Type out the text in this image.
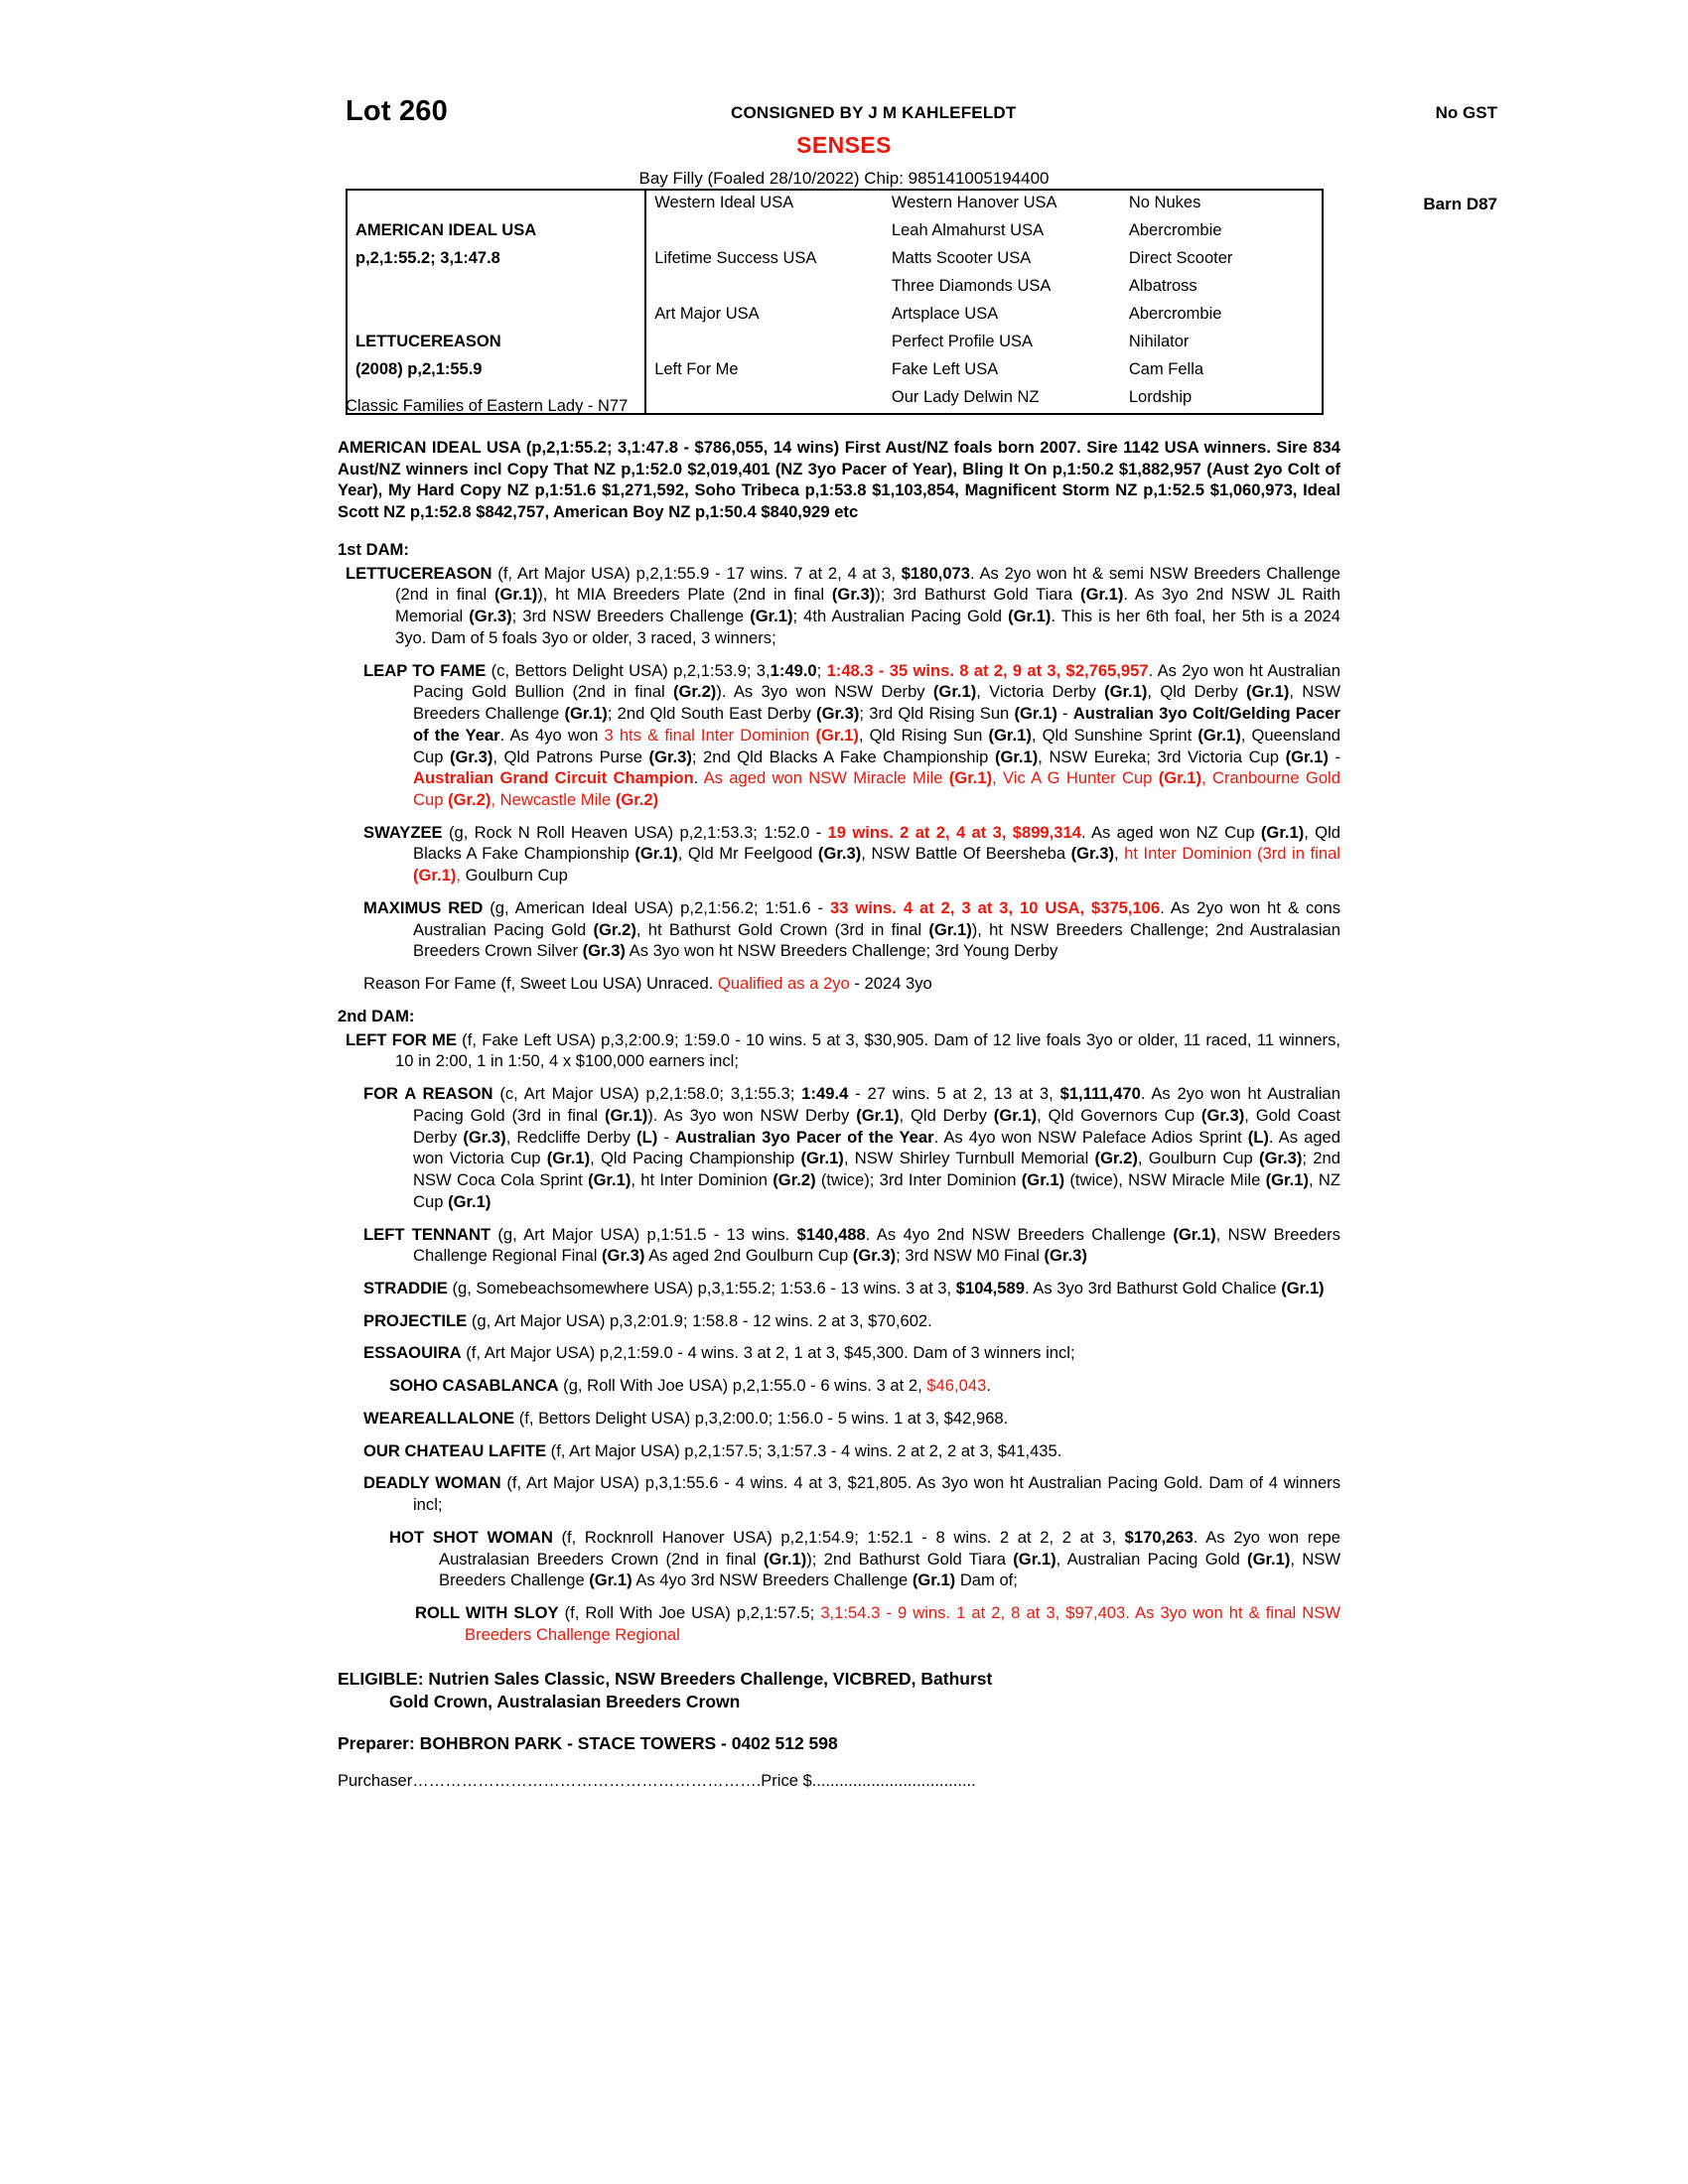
Lot 260	CONSIGNED BY J M KAHLEFELDT	No GST
SENSES
Bay Filly (Foaled 28/10/2022) Chip: 985141005194400
Barn D87
	Western Ideal USA	Western Hanover USA	No Nukes
AMERICAN IDEAL USA		Leah Almahurst USA	Abercrombie
p,2,1:55.2; 3,1:47.8	Lifetime Success USA	Matts Scooter USA	Direct Scooter
		Three Diamonds USA	Albatross
	Art Major USA	Artsplace USA	Abercrombie
LETTUCEREASON		Perfect Profile USA	Nihilator
(2008) p,2,1:55.9	Left For Me	Fake Left USA	Cam Fella
		Our Lady Delwin NZ	Lordship
Classic Families of Eastern Lady - N77
AMERICAN IDEAL USA (p,2,1:55.2; 3,1:47.8 - $786,055, 14 wins) First Aust/NZ foals born 2007. Sire 1142 USA winners. Sire 834 Aust/NZ winners incl Copy That NZ p,1:52.0 $2,019,401 (NZ 3yo Pacer of Year), Bling It On p,1:50.2 $1,882,957 (Aust 2yo Colt of Year), My Hard Copy NZ p,1:51.6 $1,271,592, Soho Tribeca p,1:53.8 $1,103,854, Magnificent Storm NZ p,1:52.5 $1,060,973, Ideal Scott NZ p,1:52.8 $842,757, American Boy NZ p,1:50.4 $840,929 etc
1st DAM:
LETTUCEREASON (f, Art Major USA) p,2,1:55.9 - 17 wins. 7 at 2, 4 at 3, $180,073. As 2yo won ht & semi NSW Breeders Challenge (2nd in final (Gr.1)), ht MIA Breeders Plate (2nd in final (Gr.3)); 3rd Bathurst Gold Tiara (Gr.1). As 3yo 2nd NSW JL Raith Memorial (Gr.3); 3rd NSW Breeders Challenge (Gr.1); 4th Australian Pacing Gold (Gr.1). This is her 6th foal, her 5th is a 2024 3yo. Dam of 5 foals 3yo or older, 3 raced, 3 winners;
LEAP TO FAME (c, Bettors Delight USA) p,2,1:53.9; 3,1:49.0; 1:48.3 - 35 wins. 8 at 2, 9 at 3, $2,765,957. As 2yo won ht Australian Pacing Gold Bullion (2nd in final (Gr.2)). As 3yo won NSW Derby (Gr.1), Victoria Derby (Gr.1), Qld Derby (Gr.1), NSW Breeders Challenge (Gr.1); 2nd Qld South East Derby (Gr.3); 3rd Qld Rising Sun (Gr.1) - Australian 3yo Colt/Gelding Pacer of the Year. As 4yo won 3 hts & final Inter Dominion (Gr.1), Qld Rising Sun (Gr.1), Qld Sunshine Sprint (Gr.1), Queensland Cup (Gr.3), Qld Patrons Purse (Gr.3); 2nd Qld Blacks A Fake Championship (Gr.1), NSW Eureka; 3rd Victoria Cup (Gr.1) - Australian Grand Circuit Champion. As aged won NSW Miracle Mile (Gr.1), Vic A G Hunter Cup (Gr.1), Cranbourne Gold Cup (Gr.2), Newcastle Mile (Gr.2)
SWAYZEE (g, Rock N Roll Heaven USA) p,2,1:53.3; 1:52.0 - 19 wins. 2 at 2, 4 at 3, $899,314. As aged won NZ Cup (Gr.1), Qld Blacks A Fake Championship (Gr.1), Qld Mr Feelgood (Gr.3), NSW Battle Of Beersheba (Gr.3), ht Inter Dominion (3rd in final (Gr.1), Goulburn Cup
MAXIMUS RED (g, American Ideal USA) p,2,1:56.2; 1:51.6 - 33 wins. 4 at 2, 3 at 3, 10 USA, $375,106. As 2yo won ht & cons Australian Pacing Gold (Gr.2), ht Bathurst Gold Crown (3rd in final (Gr.1)), ht NSW Breeders Challenge; 2nd Australasian Breeders Crown Silver (Gr.3) As 3yo won ht NSW Breeders Challenge; 3rd Young Derby
Reason For Fame (f, Sweet Lou USA) Unraced. Qualified as a 2yo - 2024 3yo
2nd DAM:
LEFT FOR ME (f, Fake Left USA) p,3,2:00.9; 1:59.0 - 10 wins. 5 at 3, $30,905. Dam of 12 live foals 3yo or older, 11 raced, 11 winners, 10 in 2:00, 1 in 1:50, 4 x $100,000 earners incl;
FOR A REASON (c, Art Major USA) p,2,1:58.0; 3,1:55.3; 1:49.4 - 27 wins. 5 at 2, 13 at 3, $1,111,470. As 2yo won ht Australian Pacing Gold (3rd in final (Gr.1)). As 3yo won NSW Derby (Gr.1), Qld Derby (Gr.1), Qld Governors Cup (Gr.3), Gold Coast Derby (Gr.3), Redcliffe Derby (L) - Australian 3yo Pacer of the Year. As 4yo won NSW Paleface Adios Sprint (L). As aged won Victoria Cup (Gr.1), Qld Pacing Championship (Gr.1), NSW Shirley Turnbull Memorial (Gr.2), Goulburn Cup (Gr.3); 2nd NSW Coca Cola Sprint (Gr.1), ht Inter Dominion (Gr.2) (twice); 3rd Inter Dominion (Gr.1) (twice), NSW Miracle Mile (Gr.1), NZ Cup (Gr.1)
LEFT TENNANT (g, Art Major USA) p,1:51.5 - 13 wins. $140,488. As 4yo 2nd NSW Breeders Challenge (Gr.1), NSW Breeders Challenge Regional Final (Gr.3) As aged 2nd Goulburn Cup (Gr.3); 3rd NSW M0 Final (Gr.3)
STRADDIE (g, Somebeachsomewhere USA) p,3,1:55.2; 1:53.6 - 13 wins. 3 at 3, $104,589. As 3yo 3rd Bathurst Gold Chalice (Gr.1)
PROJECTILE (g, Art Major USA) p,3,2:01.9; 1:58.8 - 12 wins. 2 at 3, $70,602.
ESSAOUIRA (f, Art Major USA) p,2,1:59.0 - 4 wins. 3 at 2, 1 at 3, $45,300. Dam of 3 winners incl;
SOHO CASABLANCA (g, Roll With Joe USA) p,2,1:55.0 - 6 wins. 3 at 2, $46,043.
WEAREALLALONE (f, Bettors Delight USA) p,3,2:00.0; 1:56.0 - 5 wins. 1 at 3, $42,968.
OUR CHATEAU LAFITE (f, Art Major USA) p,2,1:57.5; 3,1:57.3 - 4 wins. 2 at 2, 2 at 3, $41,435.
DEADLY WOMAN (f, Art Major USA) p,3,1:55.6 - 4 wins. 4 at 3, $21,805. As 3yo won ht Australian Pacing Gold. Dam of 4 winners incl;
HOT SHOT WOMAN (f, Rocknroll Hanover USA) p,2,1:54.9; 1:52.1 - 8 wins. 2 at 2, 2 at 3, $170,263. As 2yo won repe Australasian Breeders Crown (2nd in final (Gr.1)); 2nd Bathurst Gold Tiara (Gr.1), Australian Pacing Gold (Gr.1), NSW Breeders Challenge (Gr.1) As 4yo 3rd NSW Breeders Challenge (Gr.1) Dam of;
ROLL WITH SLOY (f, Roll With Joe USA) p,2,1:57.5; 3,1:54.3 - 9 wins. 1 at 2, 8 at 3, $97,403. As 3yo won ht & final NSW Breeders Challenge Regional
ELIGIBLE: Nutrien Sales Classic, NSW Breeders Challenge, VICBRED, Bathurst
Gold Crown, Australasian Breeders Crown
Preparer: BOHBRON PARK - STACE TOWERS - 0402 512 598
Purchaser……………………………………………………….Price $....................................
